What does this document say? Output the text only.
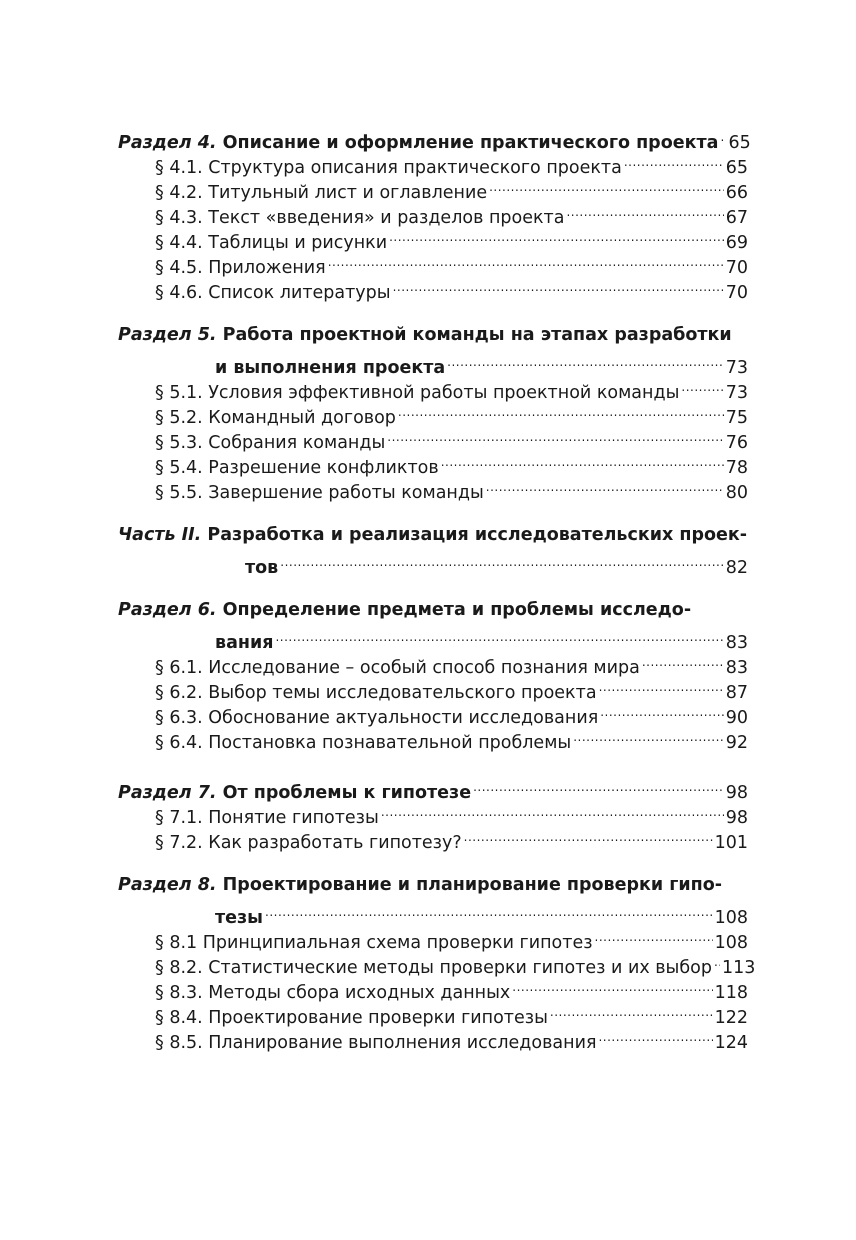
Раздел 4.
Описание и оформление практического проекта ..... 65
§ 4.1. Структура описания практического проекта .....	65
§ 4.2. Титульный лист и оглавление .....	66
§ 4.3. Текст «введения» и разделов проекта .....	67
§ 4.4. Таблицы и рисунки .....	69
§ 4.5. Приложения .....	70
§ 4.6. Список литературы .....	70
Раздел 5.
Работа проектной команды на этапах разработки
и выполнения проекта .....	73
§ 5.1. Условия эффективной работы проектной команды .....	73
§ 5.2. Командный договор .....	75
§ 5.3. Собрания команды .....	76
§ 5.4. Разрешение конфликтов .....	78
§ 5.5. Завершение работы команды .....	80
Часть II.
Разработка и реализация исследовательских проек-
тов .....	82
Раздел 6.
Определение предмета и проблемы исследо-
вания .....	83
§ 6.1. Исследование – особый способ познания мира .....	83
§ 6.2. Выбор темы исследовательского проекта .....	87
§ 6.3. Обоснование актуальности исследования .....	90
§ 6.4. Постановка познавательной проблемы .....	92
Раздел 7.
От проблемы к гипотезе .....	98
§ 7.1. Понятие гипотезы .....	98
§ 7.2. Как разработать гипотезу? .....	101
Раздел 8.
Проектирование и планирование проверки гипо-
тезы .....	108
§ 8.1 Принципиальная схема проверки гипотез .....	108
§ 8.2. Статистические методы проверки гипотез и их выбор ..... 113
§ 8.3. Методы сбора исходных данных .....	118
§ 8.4. Проектирование проверки гипотезы .....	122
§ 8.5. Планирование выполнения исследования .....	124
